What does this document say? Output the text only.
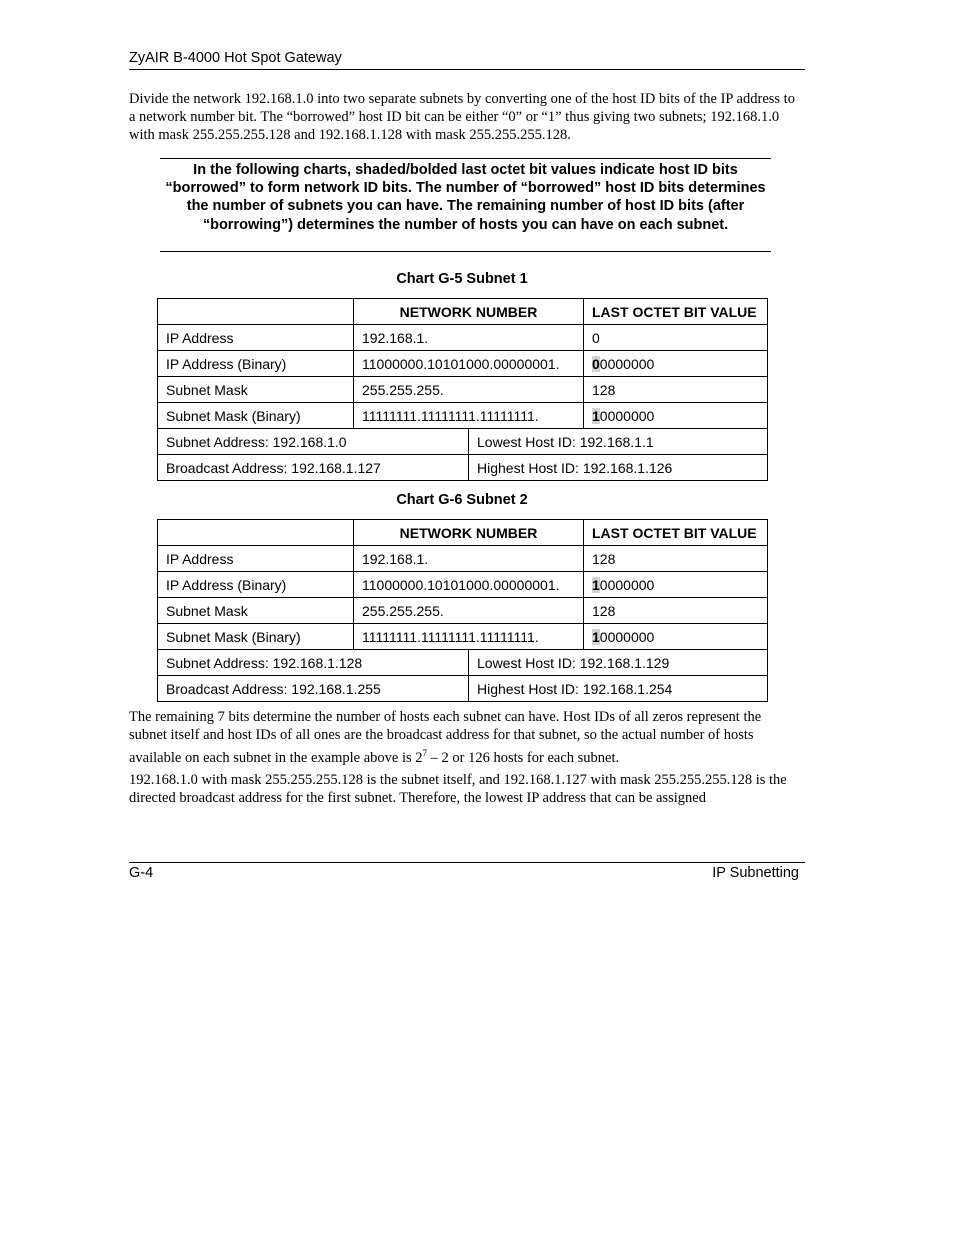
ZyAIR B-4000 Hot Spot Gateway
Divide the network 192.168.1.0 into two separate subnets by converting one of the host ID bits of the IP address to a network number bit. The “borrowed” host ID bit can be either “0” or “1” thus giving two subnets; 192.168.1.0 with mask 255.255.255.128 and 192.168.1.128 with mask 255.255.255.128.
In the following charts, shaded/bolded last octet bit values indicate host ID bits “borrowed” to form network ID bits. The number of “borrowed” host ID bits determines the number of subnets you can have. The remaining number of host ID bits (after “borrowing”) determines the number of hosts you can have on each subnet.
Chart G-5 Subnet 1
	NETWORK NUMBER		LAST OCTET BIT VALUE
IP Address	192.168.1.		0
IP Address (Binary)	11000000.10101000.00000001.		00000000
Subnet Mask	255.255.255.		128
Subnet Mask (Binary)	11111111.11111111.11111111.		10000000
Subnet Address: 192.168.1.0		Lowest Host ID: 192.168.1.1	
Broadcast Address: 192.168.1.127		Highest Host ID: 192.168.1.126	
Chart G-6 Subnet 2
	NETWORK NUMBER		LAST OCTET BIT VALUE
IP Address	192.168.1.		128
IP Address (Binary)	11000000.10101000.00000001.		10000000
Subnet Mask	255.255.255.		128
Subnet Mask (Binary)	11111111.11111111.11111111.		10000000
Subnet Address: 192.168.1.128		Lowest Host ID: 192.168.1.129	
Broadcast Address: 192.168.1.255		Highest Host ID: 192.168.1.254	
The remaining 7 bits determine the number of hosts each subnet can have. Host IDs of all zeros represent the subnet itself and host IDs of all ones are the broadcast address for that subnet, so the actual number of hosts available on each subnet in the example above is $2^7 - 2$ or 126 hosts for each subnet.
192.168.1.0 with mask 255.255.255.128 is the subnet itself, and 192.168.1.127 with mask 255.255.255.128 is the directed broadcast address for the first subnet. Therefore, the lowest IP address that can be assigned
G-4	IP Subnetting
